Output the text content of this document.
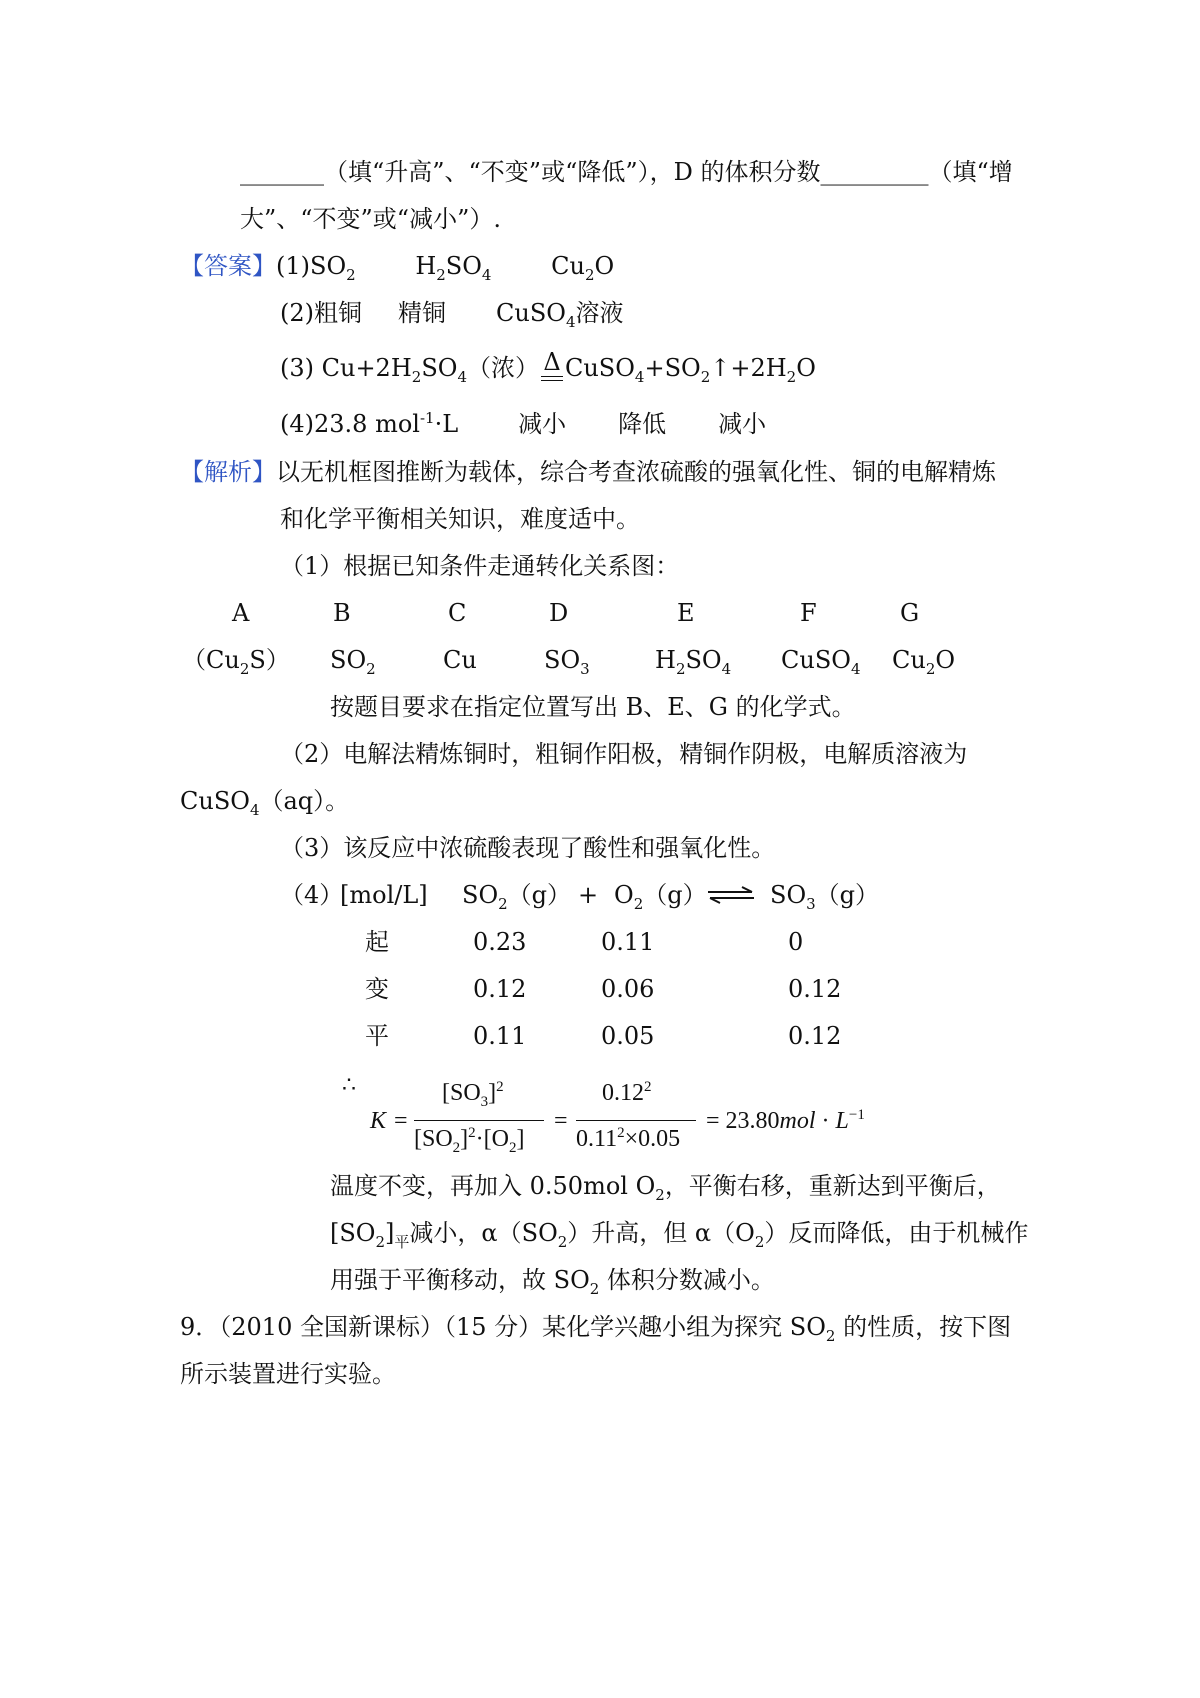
_______（填“升高”、“不变”或“降低”），D 的体积分数_________（填“增
大”、“不变”或“减小”）.
【答案】$(1)SO_2$ $H_2SO_4$ $Cu_2O$
(2)粗铜 精铜 CuSO$_4$溶液
(3) $Cu+2H_2SO_4$（浓） Δ $CuSO_4+SO_2↑+2H_2O$
(4)23.8 mol$^{-1}$·L	减小 降低 减小
【解析】以无机框图推断为载体，综合考查浓硫酸的强氧化性、铜的电解精炼
和化学平衡相关知识，难度适中。
（1）根据已知条件走通转化关系图：
A	B	C	D	E	F	G
$(Cu_2S)$ $SO_2$	Cu	$SO_3$	$H_2SO_4$ CuSO$_4$ $Cu_2O$
按题目要求在指定位置写出 B、E、G 的化学式。
（2）电解法精炼铜时，粗铜作阳极，精铜作阴极，电解质溶液为
CuSO$_4$（aq）。
（3）该反应中浓硫酸表现了酸性和强氧化性。
（4）
[mol/L] $SO_2(g) + O_2(g)$ ⇌ $SO_3(g)$
起	0.23	0.11	0
变	0.12	0.06	0.12
平	0.11	0.05	0.12
∴
K =
$[SO_3]^2$
$[SO_2]^2\cdot[O_2]$
=
$0.12^2$
$0.11^2\times 0.05$
= $23.80mol \cdot L^{-1}$
温度不变，再加入 0.50mol $O_2$，平衡右移，重新达到平衡后，
$[SO_2]_平$减小，$\alpha(SO_2)$升高，但 $\alpha(O_2)$反而降低，由于机械作
用强于平衡移动，故 $SO_2$ 体积分数减小。
9．（2010 全国新课标）（15 分）某化学兴趣小组为探究 $SO_2$ 的性质，按下图
所示装置进行实验。
